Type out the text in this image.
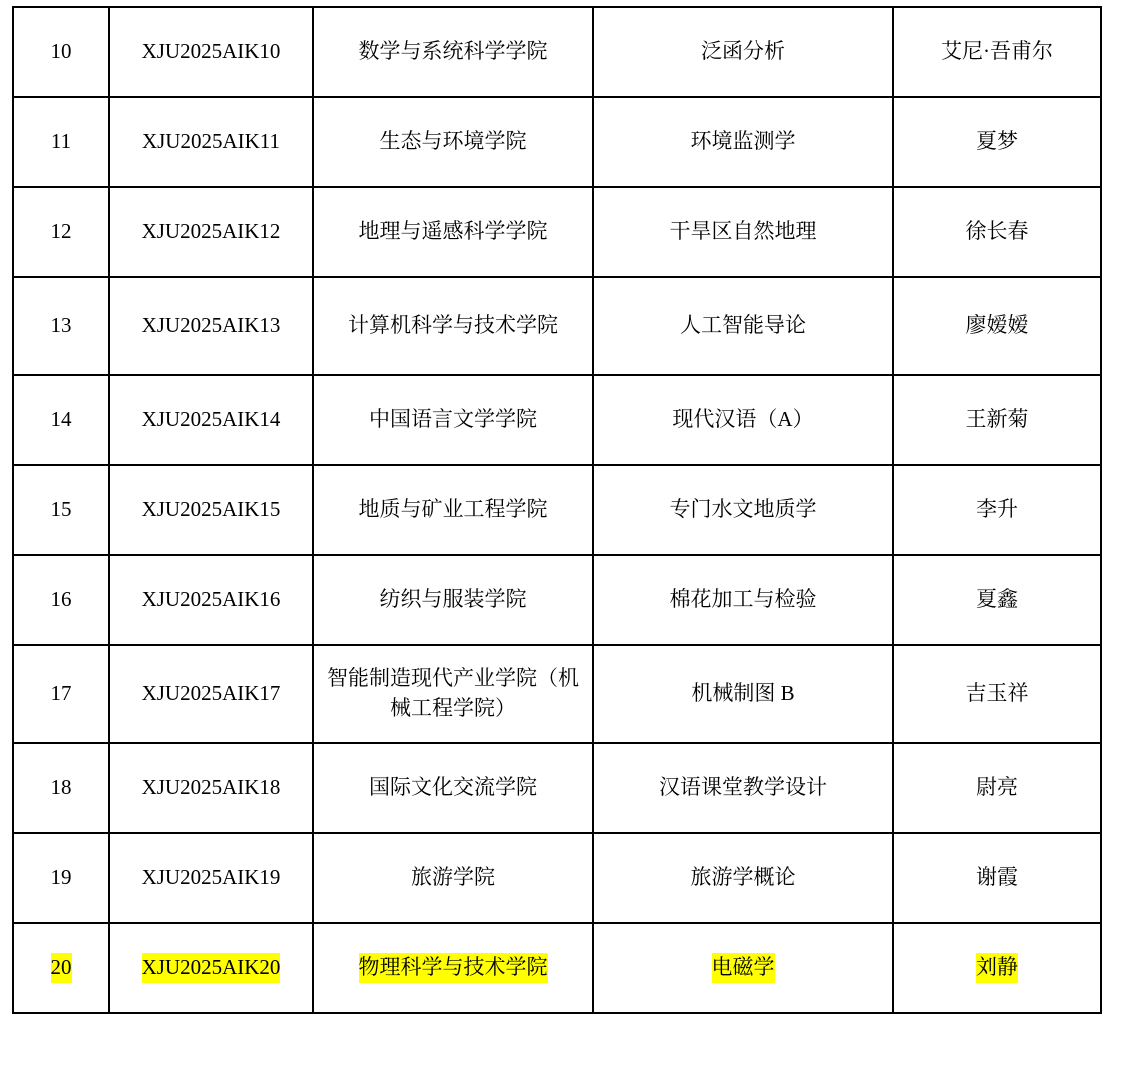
10	XJU2025AIK10	数学与系统科学学院	泛函分析	艾尼·吾甫尔
11	XJU2025AIK11	生态与环境学院	环境监测学	夏梦
12	XJU2025AIK12	地理与遥感科学学院	干旱区自然地理	徐长春
13	XJU2025AIK13	计算机科学与技术学院	人工智能导论	廖嫒嫒
14	XJU2025AIK14	中国语言文学学院	现代汉语（A）	王新菊
15	XJU2025AIK15	地质与矿业工程学院	专门水文地质学	李升
16	XJU2025AIK16	纺织与服装学院	棉花加工与检验	夏鑫
17	XJU2025AIK17	智能制造现代产业学院（机械工程学院）	机械制图 B	吉玉祥
18	XJU2025AIK18	国际文化交流学院	汉语课堂教学设计	尉亮
19	XJU2025AIK19	旅游学院	旅游学概论	谢霞
20	XJU2025AIK20	物理科学与技术学院	电磁学	刘静
